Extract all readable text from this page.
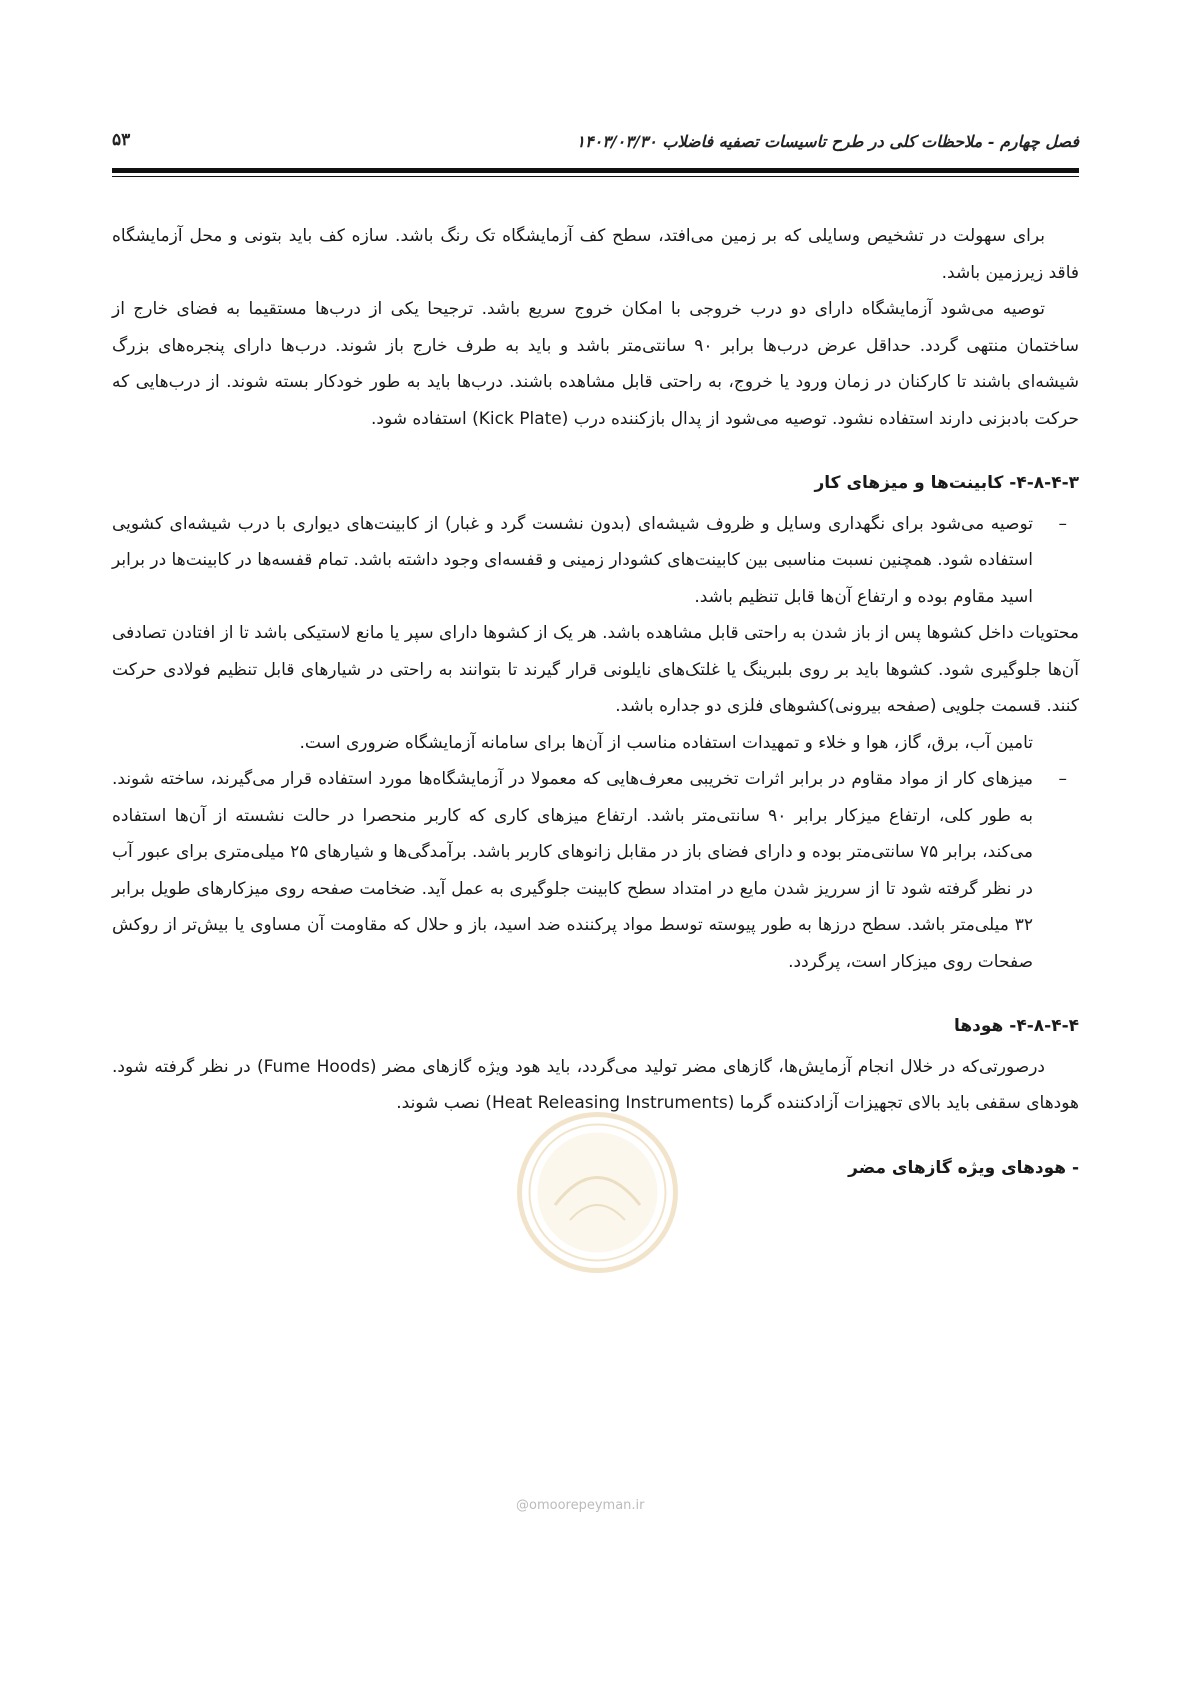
فصل چهارم - ملاحظات کلی در طرح تاسیسات تصفیه فاضلاب ۱۴۰۳/۰۳/۳۰
۵۳

برای سهولت در تشخیص وسایلی که بر زمین می‌افتد، سطح کف آزمایشگاه تک رنگ باشد. سازه کف باید بتونی و محل آزمایشگاه فاقد زیرزمین باشد.

توصیه می‌شود آزمایشگاه دارای دو درب خروجی با امکان خروج سریع باشد. ترجیحا یکی از درب‌ها مستقیما به فضای خارج از ساختمان منتهی گردد. حداقل عرض درب‌ها برابر ۹۰ سانتی‌متر باشد و باید به طرف خارج باز شوند. درب‌ها دارای پنجره‌های بزرگ شیشه‌ای باشند تا کارکنان در زمان ورود یا خروج، به راحتی قابل مشاهده باشند. درب‌ها باید به طور خودکار بسته شوند. از درب‌هایی که حرکت بادبزنی دارند استفاده نشود. توصیه می‌شود از پدال بازکننده درب (Kick Plate) استفاده شود.

۴-۸-۴-۳- کابینت‌ها و میزهای کار

–

توصیه می‌شود برای نگهداری وسایل و ظروف شیشه‌ای (بدون نشست گرد و غبار) از کابینت‌های دیواری با درب شیشه‌ای کشویی استفاده شود. همچنین نسبت مناسبی بین کابینت‌های کشودار زمینی و قفسه‌ای وجود داشته باشد. تمام قفسه‌ها در کابینت‌ها در برابر اسید مقاوم بوده و ارتفاع آن‌ها قابل تنظیم باشد.

محتویات داخل کشوها پس از باز شدن به راحتی قابل مشاهده باشد. هر یک از کشوها دارای سپر یا مانع لاستیکی باشد تا از افتادن تصادفی آن‌ها جلوگیری شود. کشوها باید بر روی بلبرینگ یا غلتک‌های نایلونی قرار گیرند تا بتوانند به راحتی در شیارهای قابل تنظیم فولادی حرکت کنند. قسمت جلویی (صفحه بیرونی)کشوهای فلزی دو جداره باشد.

تامین آب، برق، گاز، هوا و خلاء و تمهیدات استفاده مناسب از آن‌ها برای سامانه آزمایشگاه ضروری است.

–

میزهای کار از مواد مقاوم در برابر اثرات تخریبی معرف‌هایی که معمولا در آزمایشگاه‌ها مورد استفاده قرار می‌گیرند، ساخته شوند. به طور کلی، ارتفاع میزکار برابر ۹۰ سانتی‌متر باشد. ارتفاع میزهای کاری که کاربر منحصرا در حالت نشسته از آن‌ها استفاده می‌کند، برابر ۷۵ سانتی‌متر بوده و دارای فضای باز در مقابل زانوهای کاربر باشد. برآمدگی‌ها و شیارهای ۲۵ میلی‌متری برای عبور آب در نظر گرفته شود تا از سرریز شدن مایع در امتداد سطح کابینت جلوگیری به عمل آید. ضخامت صفحه روی میزکارهای طویل برابر ۳۲ میلی‌متر باشد. سطح درزها به طور پیوسته توسط مواد پرکننده ضد اسید، باز و حلال که مقاومت آن مساوی یا بیش‌تر از روکش صفحات روی میزکار است، پرگردد.

۴-۸-۴-۴- هودها

درصورتی‌که در خلال انجام آزمایش‌ها، گازهای مضر تولید می‌گردد، باید هود ویژه گازهای مضر (Fume Hoods) در نظر گرفته شود. هودهای سقفی باید بالای تجهیزات آزادکننده گرما (Heat Releasing Instruments) نصب شوند.

- هودهای ویژه گازهای مضر

@omoorepeyman.ir
